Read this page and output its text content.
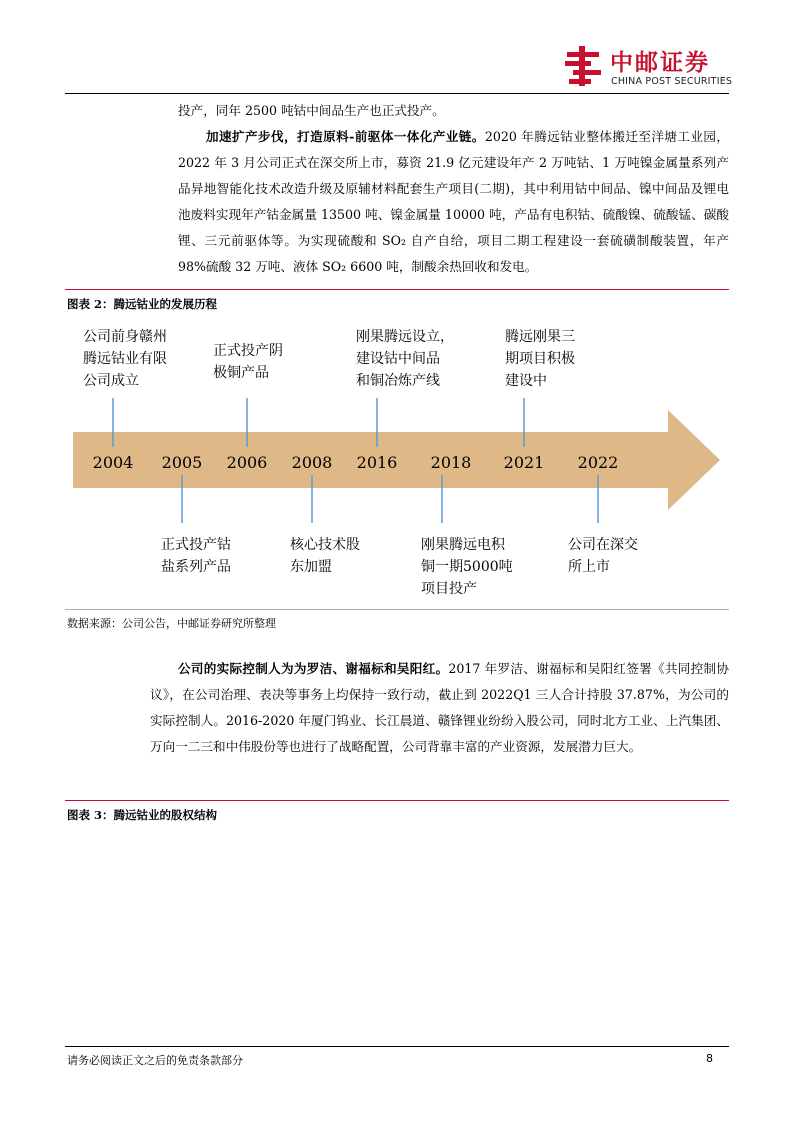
中邮证券
CHINA POST SECURITIES

投产，同年 2500 吨钴中间品生产也正式投产。

加速扩产步伐，打造原料-前驱体一体化产业链。2020 年腾远钴业整体搬迁至洋塘工业园，2022 年 3 月公司正式在深交所上市，募资 21.9 亿元建设年产 2 万吨钴、1 万吨镍金属量系列产品异地智能化技术改造升级及原辅材料配套生产项目(二期)，其中利用钴中间品、镍中间品及锂电池废料实现年产钴金属量 13500 吨、镍金属量 10000 吨，产品有电积钴、硫酸镍、硫酸锰、碳酸锂、三元前驱体等。为实现硫酸和 SO₂ 自产自给，项目二期工程建设一套硫磺制酸装置，年产 98%硫酸 32 万吨、液体 SO₂ 6600 吨，制酸余热回收和发电。

图表 2：腾远钴业的发展历程
2004 2005 2006 2008 2016 2018 2021 2022
公司前身赣州
腾远钴业有限
公司成立
正式投产阴
极铜产品
刚果腾远设立，
建设钴中间品
和铜冶炼产线
腾远刚果三
期项目积极
建设中
正式投产钴
盐系列产品
核心技术股
东加盟
刚果腾远电积
铜一期5000吨
项目投产
公司在深交
所上市
数据来源：公司公告，中邮证券研究所整理

公司的实际控制人为为罗洁、谢福标和吴阳红。2017 年罗洁、谢福标和吴阳红签署《共同控制协议》，在公司治理、表决等事务上均保持一致行动，截止到 2022Q1 三人合计持股 37.87%，为公司的实际控制人。2016-2020 年厦门钨业、长江晨道、赣锋锂业纷纷入股公司，同时北方工业、上汽集团、万向一二三和中伟股份等也进行了战略配置，公司背靠丰富的产业资源，发展潜力巨大。

图表 3：腾远钴业的股权结构
请务必阅读正文之后的免责条款部分	8
